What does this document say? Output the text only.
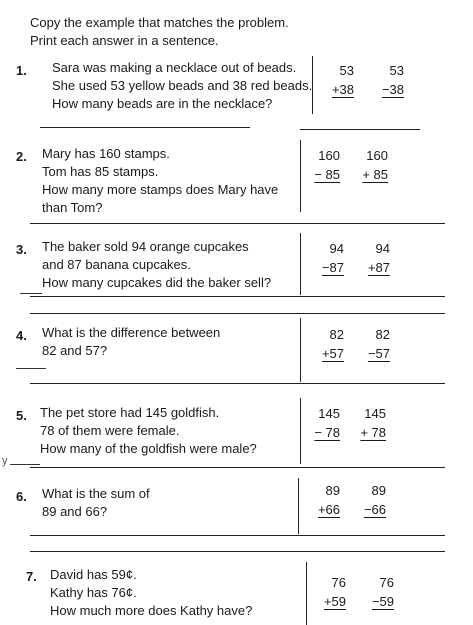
Copy the example that matches the problem.
Print each answer in a sentence.
1. Sara was making a necklace out of beads.
She used 53 yellow beads and 38 red beads.
How many beads are in the necklace?
53
+38
53
−38
2. Mary has 160 stamps.
Tom has 85 stamps.
How many more stamps does Mary have
than Tom?
160
− 85
160
+ 85
3. The baker sold 94 orange cupcakes
and 87 banana cupcakes.
How many cupcakes did the baker sell?
94
−87
94
+87
4. What is the difference between
82 and 57?
82
+57
82
−57
5. The pet store had 145 goldfish.
78 of them were female.
How many of the goldfish were male?
145
− 78
145
+ 78
y
6. What is the sum of
89 and 66?
89
+66
89
−66
7. David has 59¢.
Kathy has 76¢.
How much more does Kathy have?
76
+59
76
−59
